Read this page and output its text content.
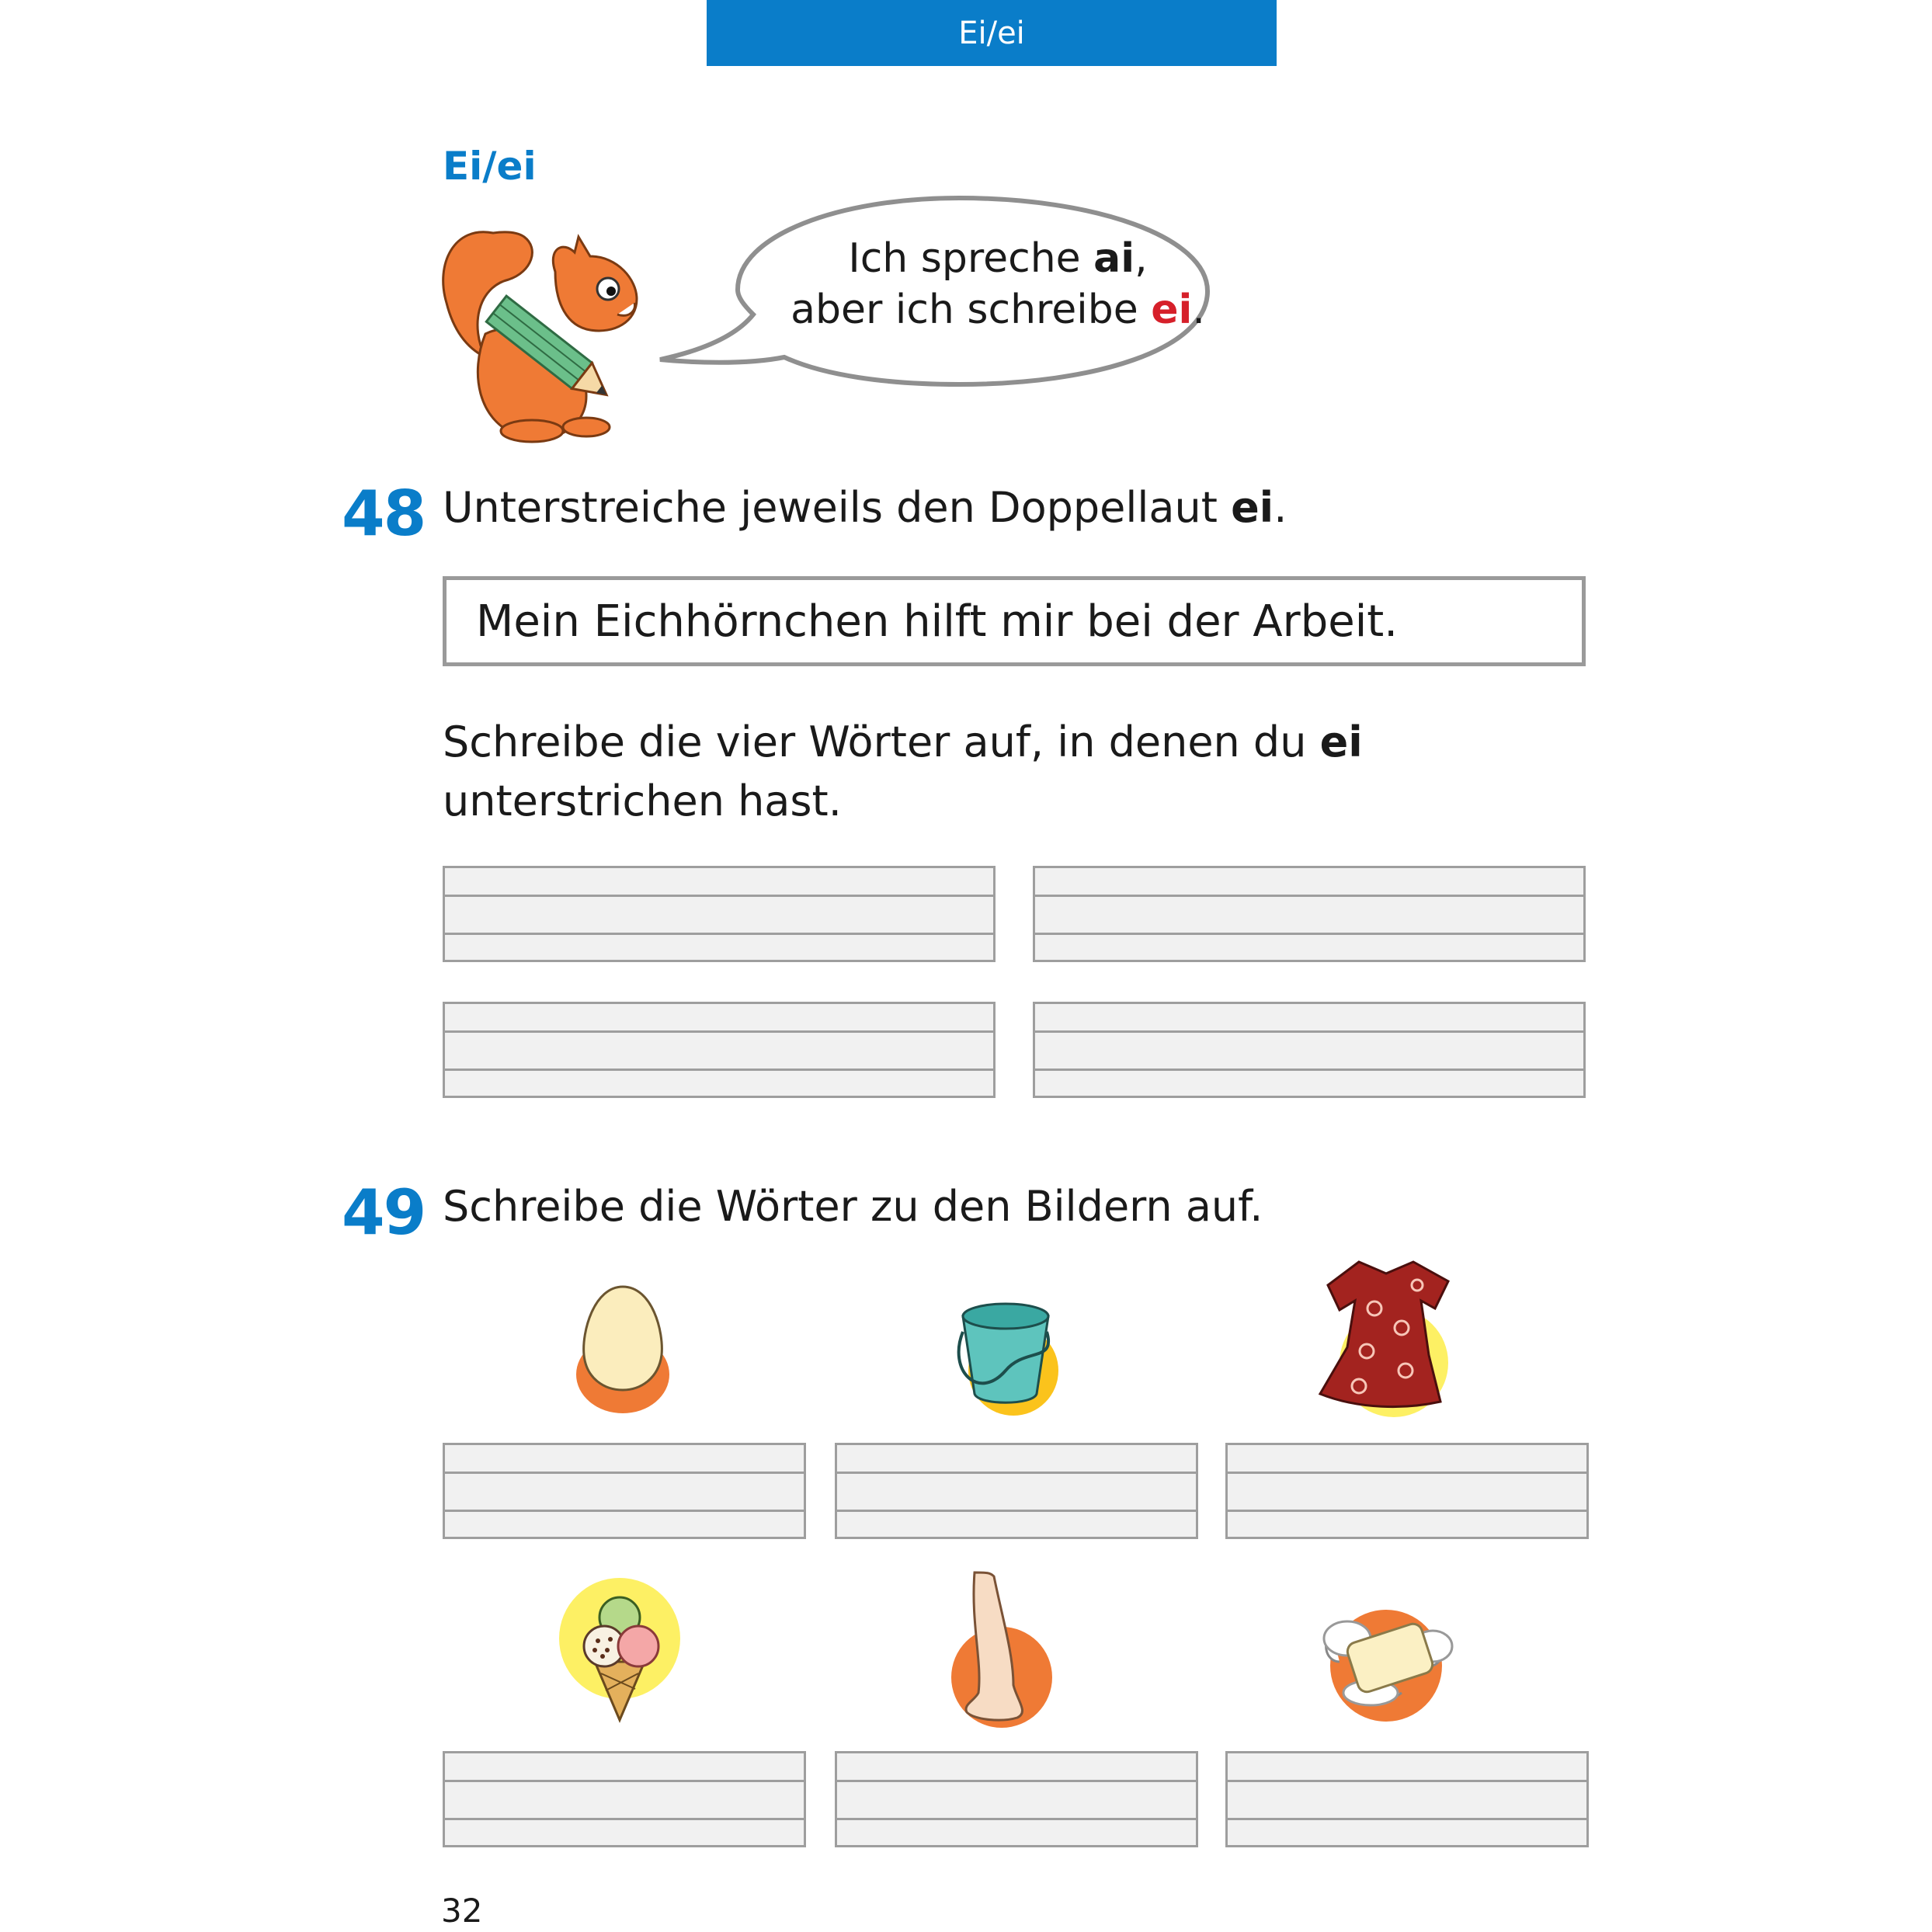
Ei/ei
Ei/ei
Ich spreche ai,
aber ich schreibe ei.
48 Unterstreiche jeweils den Doppellaut ei.
Mein Eichhörnchen hilft mir bei der Arbeit.
Schreibe die vier Wörter auf, in denen du ei unterstrichen hast.
49 Schreibe die Wörter zu den Bildern auf.
32
